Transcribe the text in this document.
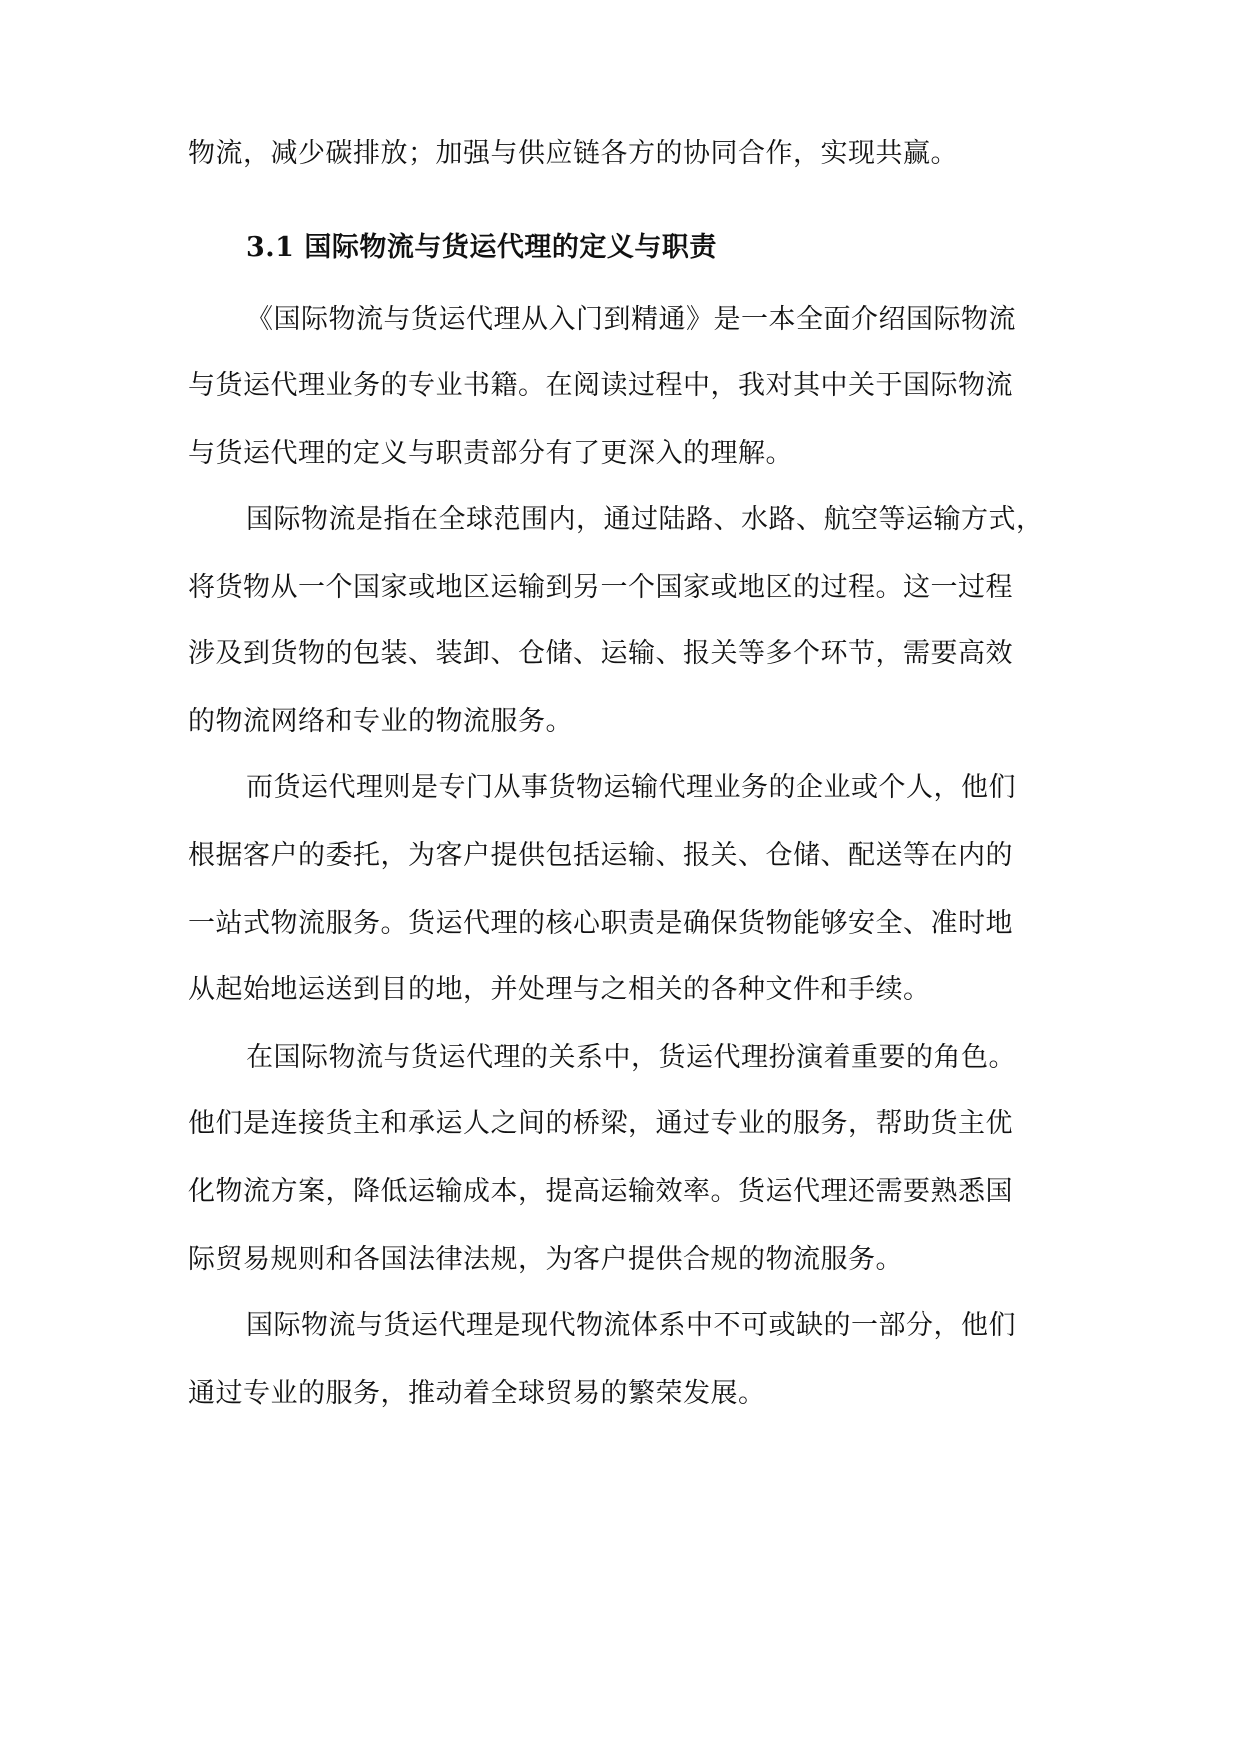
物流，减少碳排放；加强与供应链各方的协同合作，实现共赢。
3.1 国际物流与货运代理的定义与职责
《国际物流与货运代理从入门到精通》是一本全面介绍国际物流
与货运代理业务的专业书籍。在阅读过程中，我对其中关于国际物流
与货运代理的定义与职责部分有了更深入的理解。
国际物流是指在全球范围内，通过陆路、水路、航空等运输方式，
将货物从一个国家或地区运输到另一个国家或地区的过程。这一过程
涉及到货物的包装、装卸、仓储、运输、报关等多个环节，需要高效
的物流网络和专业的物流服务。
而货运代理则是专门从事货物运输代理业务的企业或个人，他们
根据客户的委托，为客户提供包括运输、报关、仓储、配送等在内的
一站式物流服务。货运代理的核心职责是确保货物能够安全、准时地
从起始地运送到目的地，并处理与之相关的各种文件和手续。
在国际物流与货运代理的关系中，货运代理扮演着重要的角色。
他们是连接货主和承运人之间的桥梁，通过专业的服务，帮助货主优
化物流方案，降低运输成本，提高运输效率。货运代理还需要熟悉国
际贸易规则和各国法律法规，为客户提供合规的物流服务。
国际物流与货运代理是现代物流体系中不可或缺的一部分，他们
通过专业的服务，推动着全球贸易的繁荣发展。
